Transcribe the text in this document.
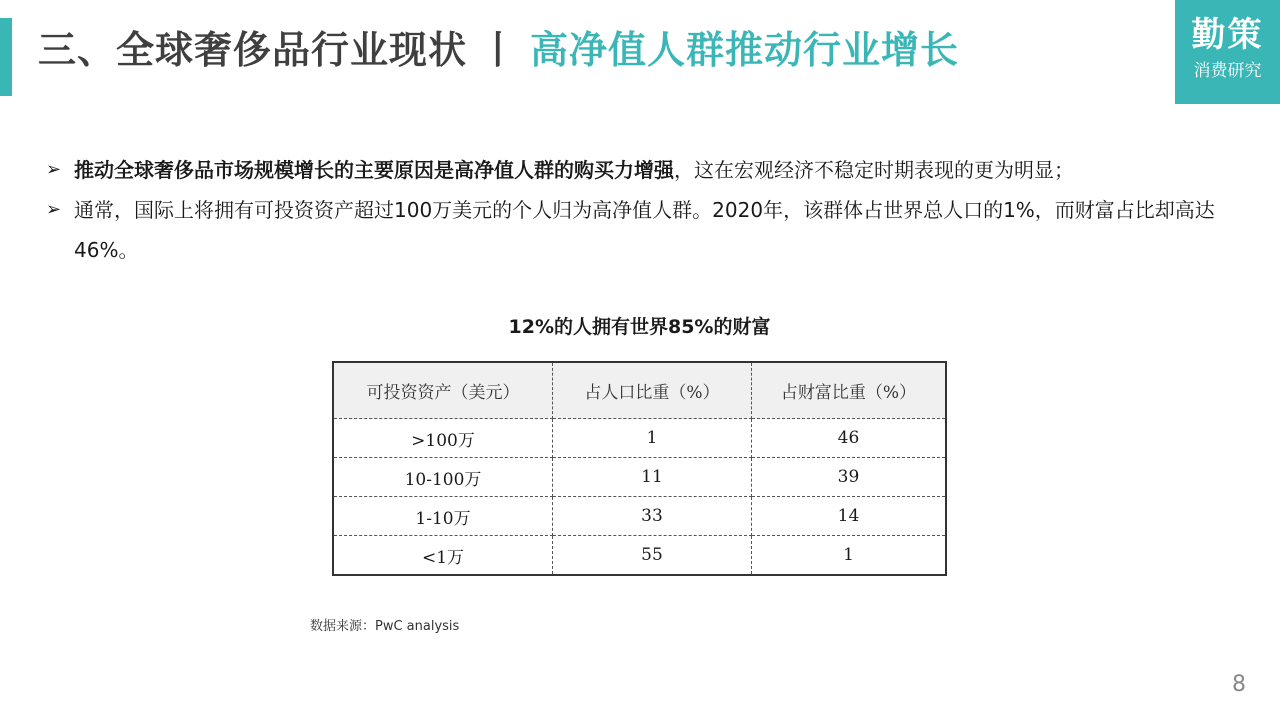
三、全球奢侈品行业现状 丨 高净值人群推动行业增长	勤策
消费研究
➢ 推动全球奢侈品市场规模增长的主要原因是高净值人群的购买力增强，这在宏观经济不稳定时期表现的更为明显；
➢ 通常，国际上将拥有可投资资产超过100万美元的个人归为高净值人群。2020年，该群体占世界总人口的1%，而财富占比却高达46%。
12%的人拥有世界85%的财富
可投资资产（美元）	占人口比重（%）	占财富比重（%）
>100万	1	46
10-100万	11	39
1-10万	33	14
<1万	55	1
数据来源：PwC analysis
8
